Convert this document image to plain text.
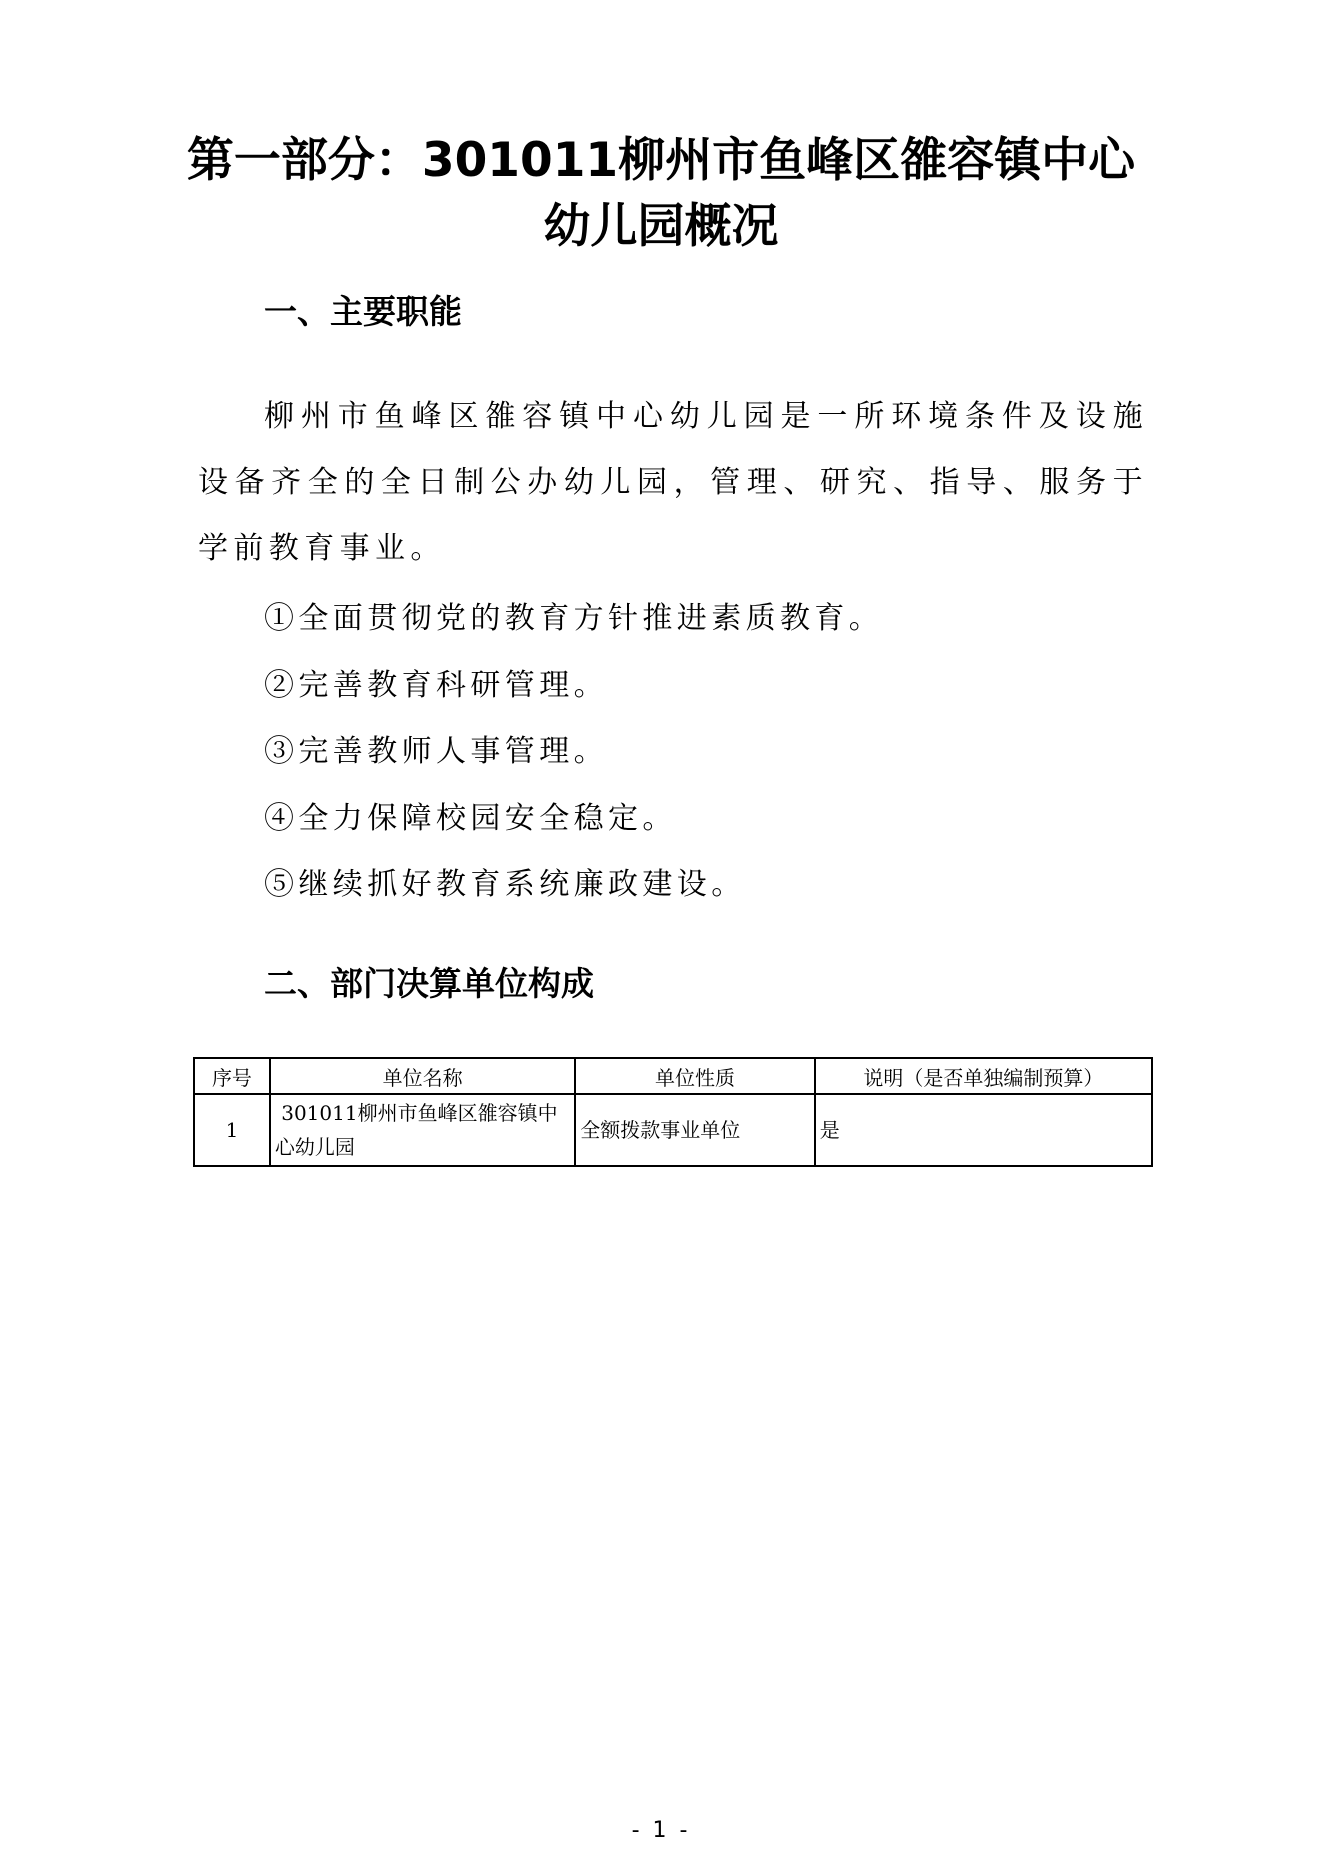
第一部分：301011柳州市鱼峰区雒容镇中心
幼儿园概况
一、主要职能

柳州市鱼峰区雒容镇中心幼儿园是一所环境条件及设施设备齐全的全日制公办幼儿园，管理、研究、指导、服务于学前教育事业。

①全面贯彻党的教育方针推进素质教育。
②完善教育科研管理。
③完善教师人事管理。
④全力保障校园安全稳定。
⑤继续抓好教育系统廉政建设。
二、部门决算单位构成
序号	单位名称	单位性质	说明（是否单独编制预算）
1	301011柳州市鱼峰区雒容镇中心幼儿园	全额拨款事业单位	是
- 1 -
